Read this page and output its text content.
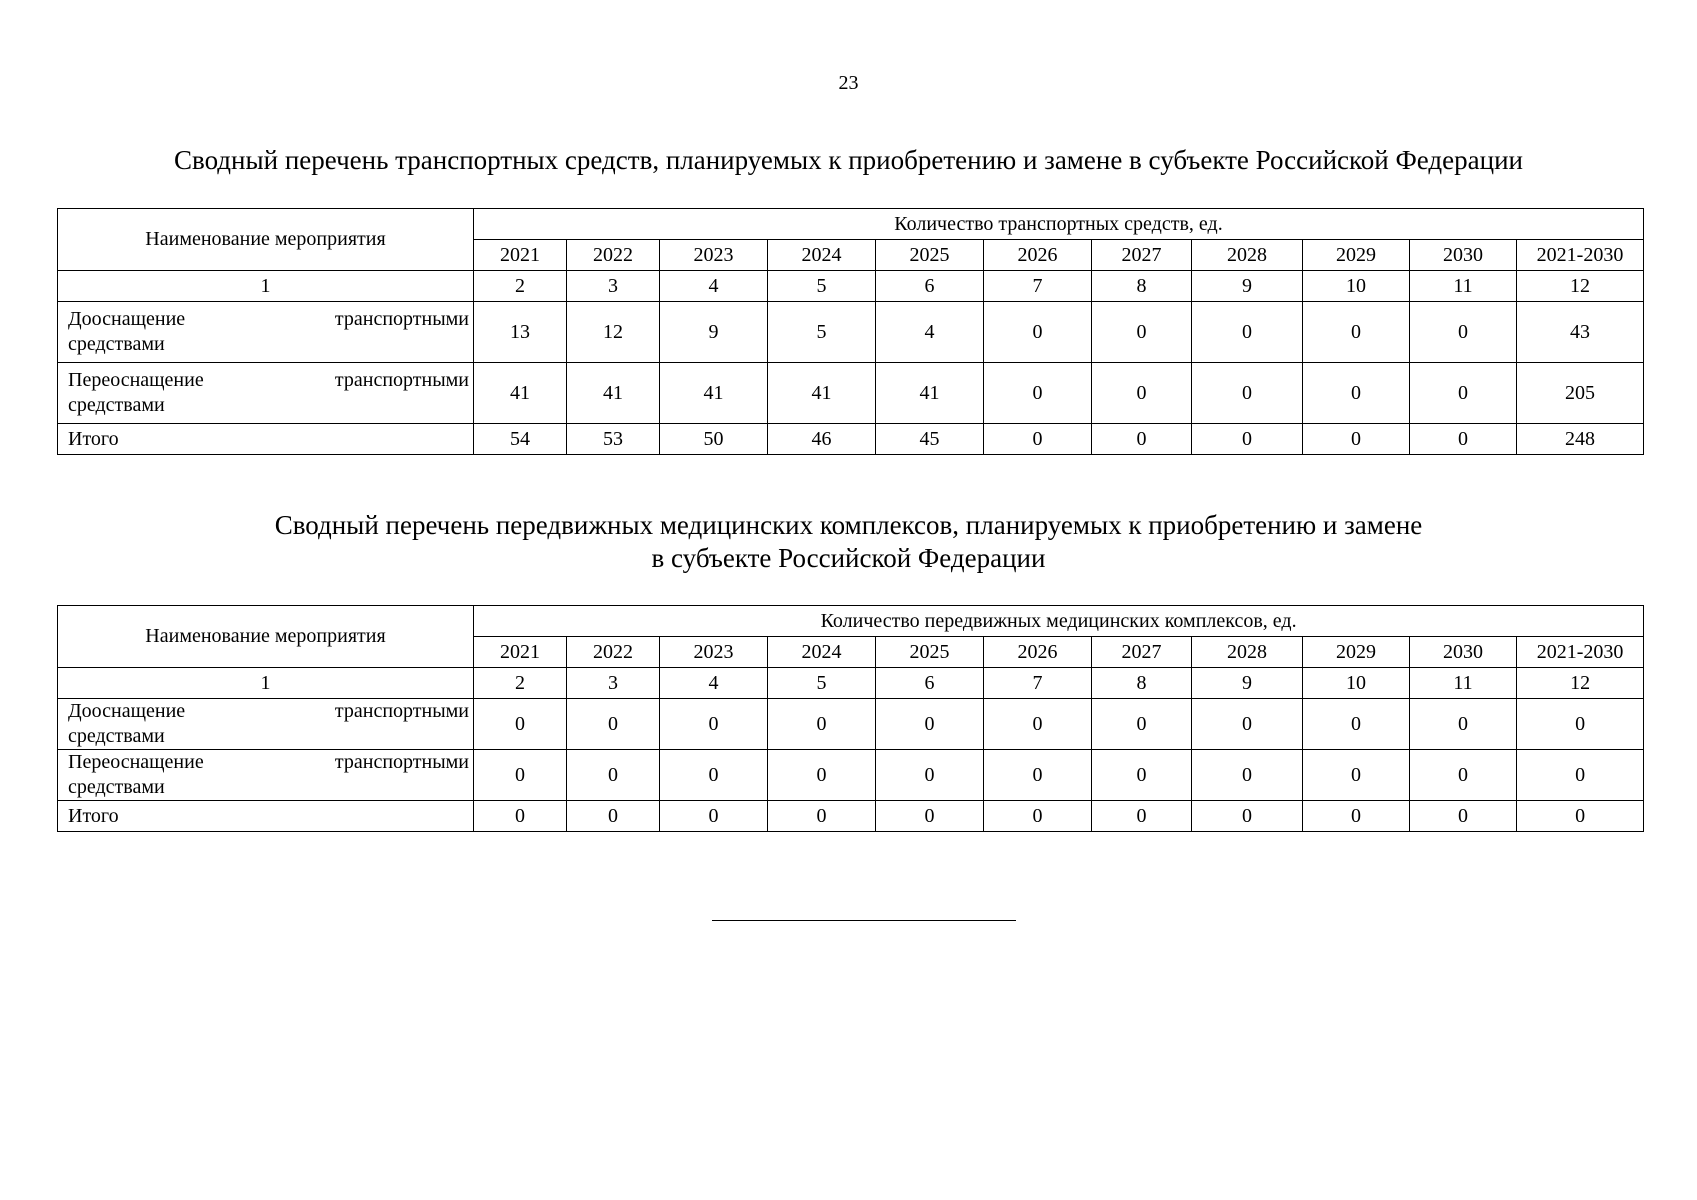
23
Сводный перечень транспортных средств, планируемых к приобретению и замене в субъекте Российской Федерации
Наименование мероприятия	Количество транспортных средств, ед.										
	2021	2022	2023	2024	2025	2026	2027	2028	2029	2030	2021-2030
1	2	3	4	5	6	7	8	9	10	11	12

Дооснащение транспортными
средствами	13	12	9	5	4	0	0	0	0	0	43

Переоснащение транспортными
средствами	41	41	41	41	41	0	0	0	0	0	205
Итого	54	53	50	46	45	0	0	0	0	0	248
Сводный перечень передвижных медицинских комплексов, планируемых к приобретению и замене
в субъекте Российской Федерации
Наименование мероприятия	Количество передвижных медицинских комплексов, ед.										
	2021	2022	2023	2024	2025	2026	2027	2028	2029	2030	2021-2030
1	2	3	4	5	6	7	8	9	10	11	12

Дооснащение транспортными
средствами	0	0	0	0	0	0	0	0	0	0	0

Переоснащение транспортными
средствами	0	0	0	0	0	0	0	0	0	0	0
Итого	0	0	0	0	0	0	0	0	0	0	0
